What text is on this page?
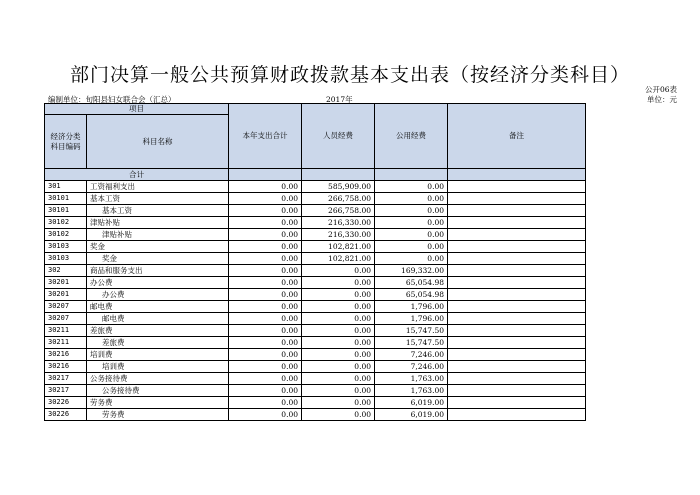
部门决算一般公共预算财政拨款基本支出表（按经济分类科目）
公开06表
编制单位：旬阳县妇女联合会（汇总）	2017年	单位：元
项目		本年支出合计	人员经费	公用经费	备注
经济分类科目编码	科目名称				
合计					
301	工资福利支出	0.00	585,909.00	0.00	
30101	基本工资	0.00	266,758.00	0.00	
30101	基本工资	0.00	266,758.00	0.00	
30102	津贴补贴	0.00	216,330.00	0.00	
30102	津贴补贴	0.00	216,330.00	0.00	
30103	奖金	0.00	102,821.00	0.00	
30103	奖金	0.00	102,821.00	0.00	
302	商品和服务支出	0.00	0.00	169,332.00	
30201	办公费	0.00	0.00	65,054.98	
30201	办公费	0.00	0.00	65,054.98	
30207	邮电费	0.00	0.00	1,796.00	
30207	邮电费	0.00	0.00	1,796.00	
30211	差旅费	0.00	0.00	15,747.50	
30211	差旅费	0.00	0.00	15,747.50	
30216	培训费	0.00	0.00	7,246.00	
30216	培训费	0.00	0.00	7,246.00	
30217	公务接待费	0.00	0.00	1,763.00	
30217	公务接待费	0.00	0.00	1,763.00	
30226	劳务费	0.00	0.00	6,019.00	
30226	劳务费	0.00	0.00	6,019.00	
